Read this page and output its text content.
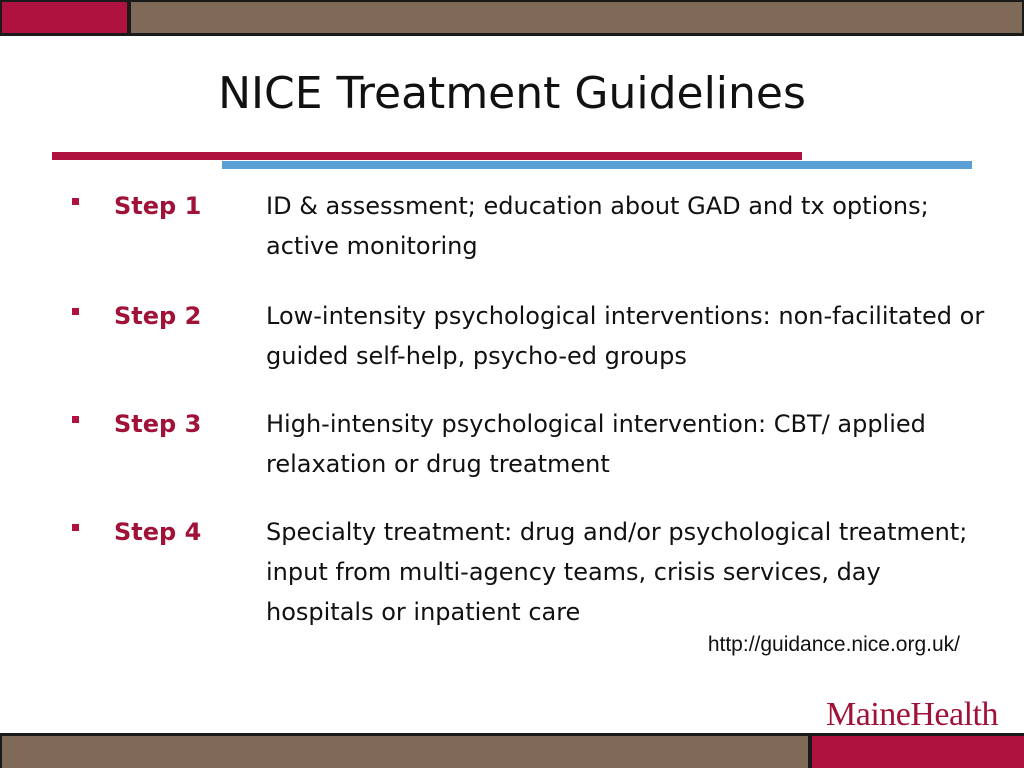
NICE Treatment Guidelines
Step 1	ID & assessment; education about GAD and tx options; active monitoring
Step 2	Low-intensity psychological interventions: non-facilitated or guided self-help, psycho-ed groups
Step 3	High-intensity psychological intervention: CBT/ applied relaxation or drug treatment
Step 4	Specialty treatment: drug and/or psychological treatment; input from multi-agency teams, crisis services, day hospitals or inpatient care
http://guidance.nice.org.uk/
MaineHealth
